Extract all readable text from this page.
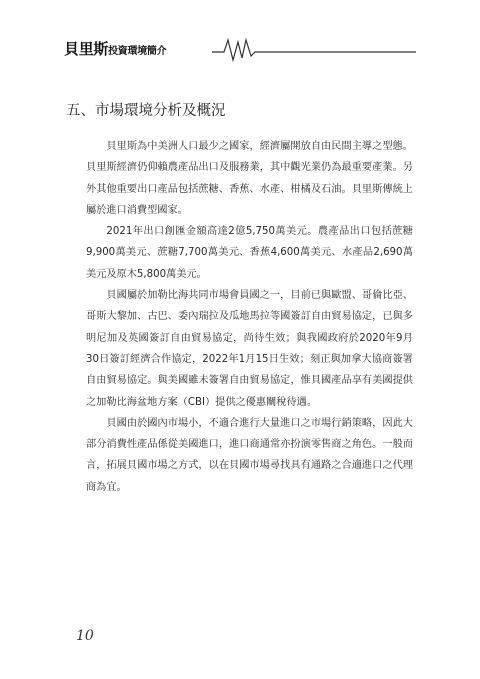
貝里斯投資環境簡介
五、市場環境分析及概況

貝里斯為中美洲人口最少之國家，經濟屬開放自由民間主導之型態。貝里斯經濟仍仰賴農產品出口及服務業，其中觀光業仍為最重要產業。另外其他重要出口產品包括蔗糖、香蕉、水產、柑橘及石油。貝里斯傳統上屬於進口消費型國家。

2021年出口創匯金額高達2億5,750萬美元。農產品出口包括蔗糖9,900萬美元、蔗糖7,700萬美元、香蕉4,600萬美元、水產品2,690萬美元及原木5,800萬美元。

貝國屬於加勒比海共同市場會員國之一，目前已與歐盟、哥倫比亞、哥斯大黎加、古巴、委內瑞拉及瓜地馬拉等國簽訂自由貿易協定，已與多明尼加及英國簽訂自由貿易協定，尚待生效；與我國政府於2020年9月30日簽訂經濟合作協定，2022年1月15日生效；刻正與加拿大協商簽署自由貿易協定。與美國雖未簽署自由貿易協定，惟貝國產品享有美國提供之加勒比海盆地方案（CBI）提供之優惠關稅待遇。

貝國由於國內市場小，不適合進行大量進口之市場行銷策略，因此大部分消費性產品係從美國進口，進口商通常亦扮演零售商之角色。一般而言，拓展貝國市場之方式，以在貝國市場尋找具有通路之合適進口之代理商為宜。

10
